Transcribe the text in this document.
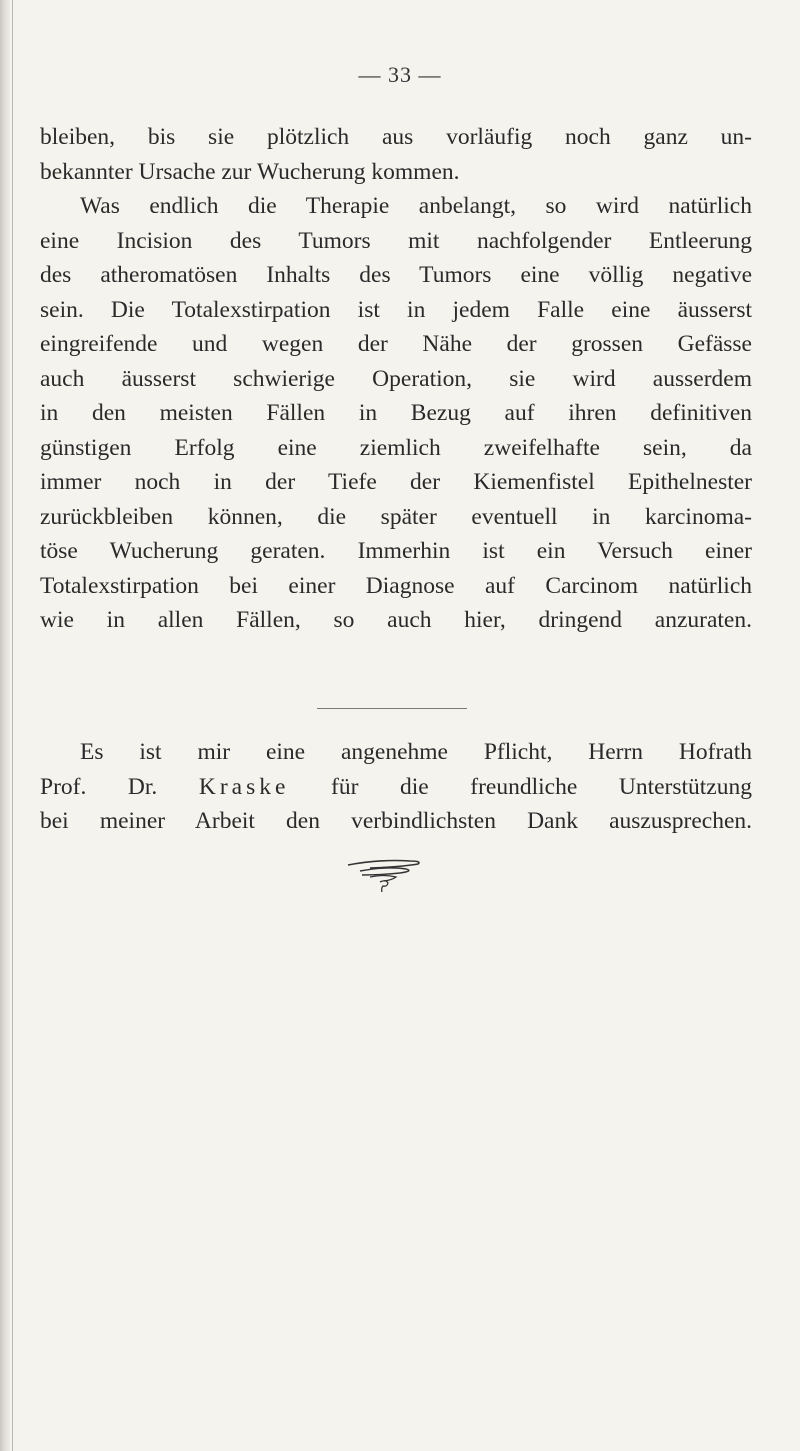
— 33 —
bleiben, bis sie plötzlich aus vorläufig noch ganz un-
bekannter Ursache zur Wucherung kommen.
Was endlich die Therapie anbelangt, so wird natürlich
eine Incision des Tumors mit nachfolgender Entleerung
des atheromatösen Inhalts des Tumors eine völlig negative
sein. Die Totalexstirpation ist in jedem Falle eine äusserst
eingreifende und wegen der Nähe der grossen Gefässe
auch äusserst schwierige Operation, sie wird ausserdem
in den meisten Fällen in Bezug auf ihren definitiven
günstigen Erfolg eine ziemlich zweifelhafte sein, da
immer noch in der Tiefe der Kiemenfistel Epithelnester
zurückbleiben können, die später eventuell in karcinoma-
töse Wucherung geraten. Immerhin ist ein Versuch einer
Totalexstirpation bei einer Diagnose auf Carcinom natürlich
wie in allen Fällen, so auch hier, dringend anzuraten.
Es ist mir eine angenehme Pflicht, Herrn Hofrath
Prof. Dr. Kraske für die freundliche Unterstützung
bei meiner Arbeit den verbindlichsten Dank auszusprechen.
